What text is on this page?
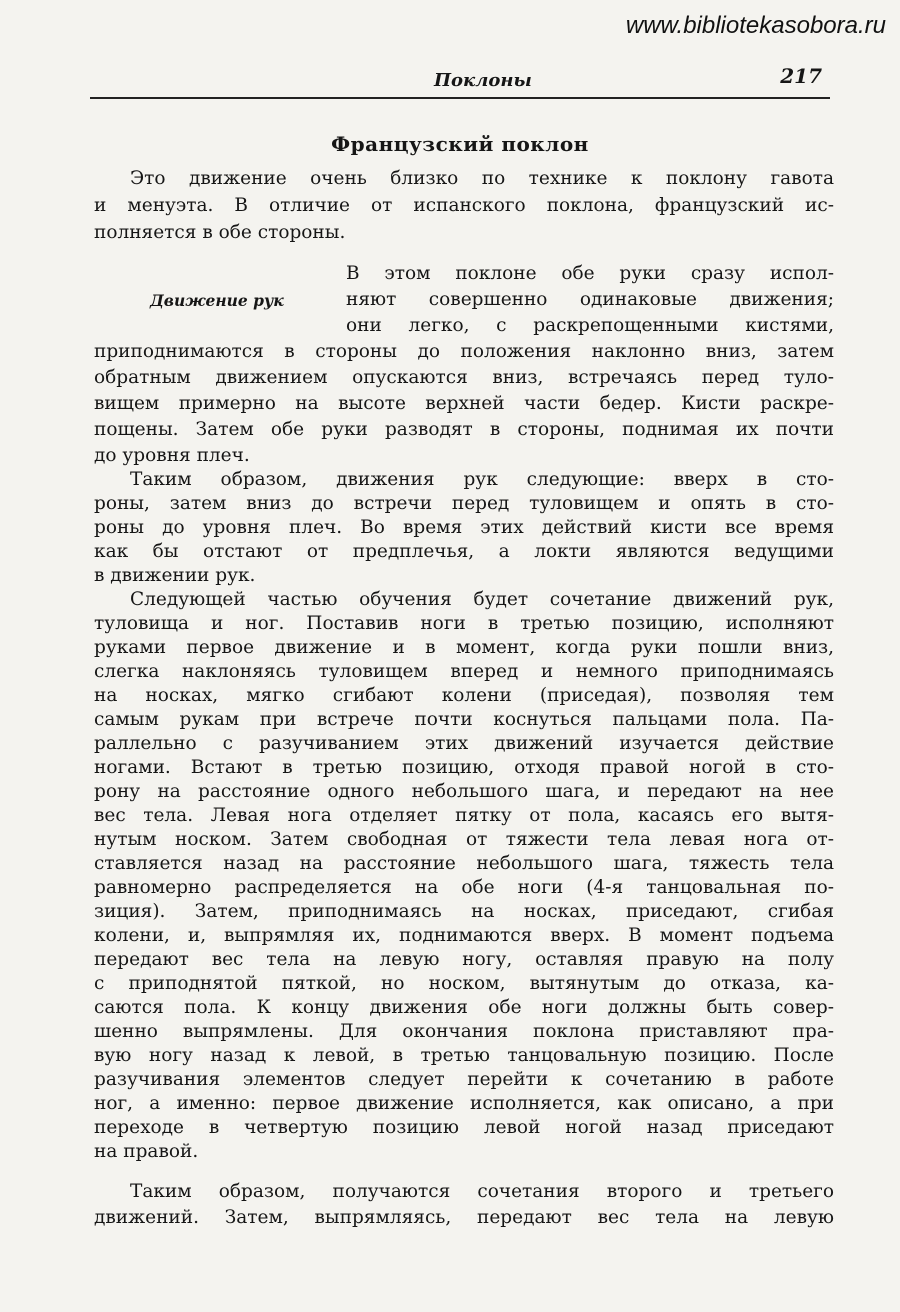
www.bibliotekasobora.ru
Поклоны	217
Французский поклон
Движение рук
Это движение очень близко по технике к поклону гавота
и менуэта. В отличие от испанского поклона, французский ис-
полняется в обе стороны.
В этом поклоне обе руки сразу испол-
няют совершенно одинаковые движения;
они легко, с раскрепощенными кистями,
приподнимаются в стороны до положения наклонно вниз, затем
обратным движением опускаются вниз, встречаясь перед туло-
вищем примерно на высоте верхней части бедер. Кисти раскре-
пощены. Затем обе руки разводят в стороны, поднимая их почти
до уровня плеч.
Таким образом, движения рук следующие: вверх в сто-
роны, затем вниз до встречи перед туловищем и опять в сто-
роны до уровня плеч. Во время этих действий кисти все время
как бы отстают от предплечья, а локти являются ведущими
в движении рук.
Следующей частью обучения будет сочетание движений рук,
туловища и ног. Поставив ноги в третью позицию, исполняют
руками первое движение и в момент, когда руки пошли вниз,
слегка наклоняясь туловищем вперед и немного приподнимаясь
на носках, мягко сгибают колени (приседая), позволяя тем
самым рукам при встрече почти коснуться пальцами пола. Па-
раллельно с разучиванием этих движений изучается действие
ногами. Встают в третью позицию, отходя правой ногой в сто-
рону на расстояние одного небольшого шага, и передают на нее
вес тела. Левая нога отделяет пятку от пола, касаясь его вытя-
нутым носком. Затем свободная от тяжести тела левая нога от-
ставляется назад на расстояние небольшого шага, тяжесть тела
равномерно распределяется на обе ноги (4-я танцовальная по-
зиция). Затем, приподнимаясь на носках, приседают, сгибая
колени, и, выпрямляя их, поднимаются вверх. В момент подъема
передают вес тела на левую ногу, оставляя правую на полу
с приподнятой пяткой, но носком, вытянутым до отказа, ка-
саются пола. К концу движения обе ноги должны быть совер-
шенно выпрямлены. Для окончания поклона приставляют пра-
вую ногу назад к левой, в третью танцовальную позицию. После
разучивания элементов следует перейти к сочетанию в работе
ног, а именно: первое движение исполняется, как описано, а при
переходе в четвертую позицию левой ногой назад приседают
на правой.
Таким образом, получаются сочетания второго и третьего
движений. Затем, выпрямляясь, передают вес тела на левую
